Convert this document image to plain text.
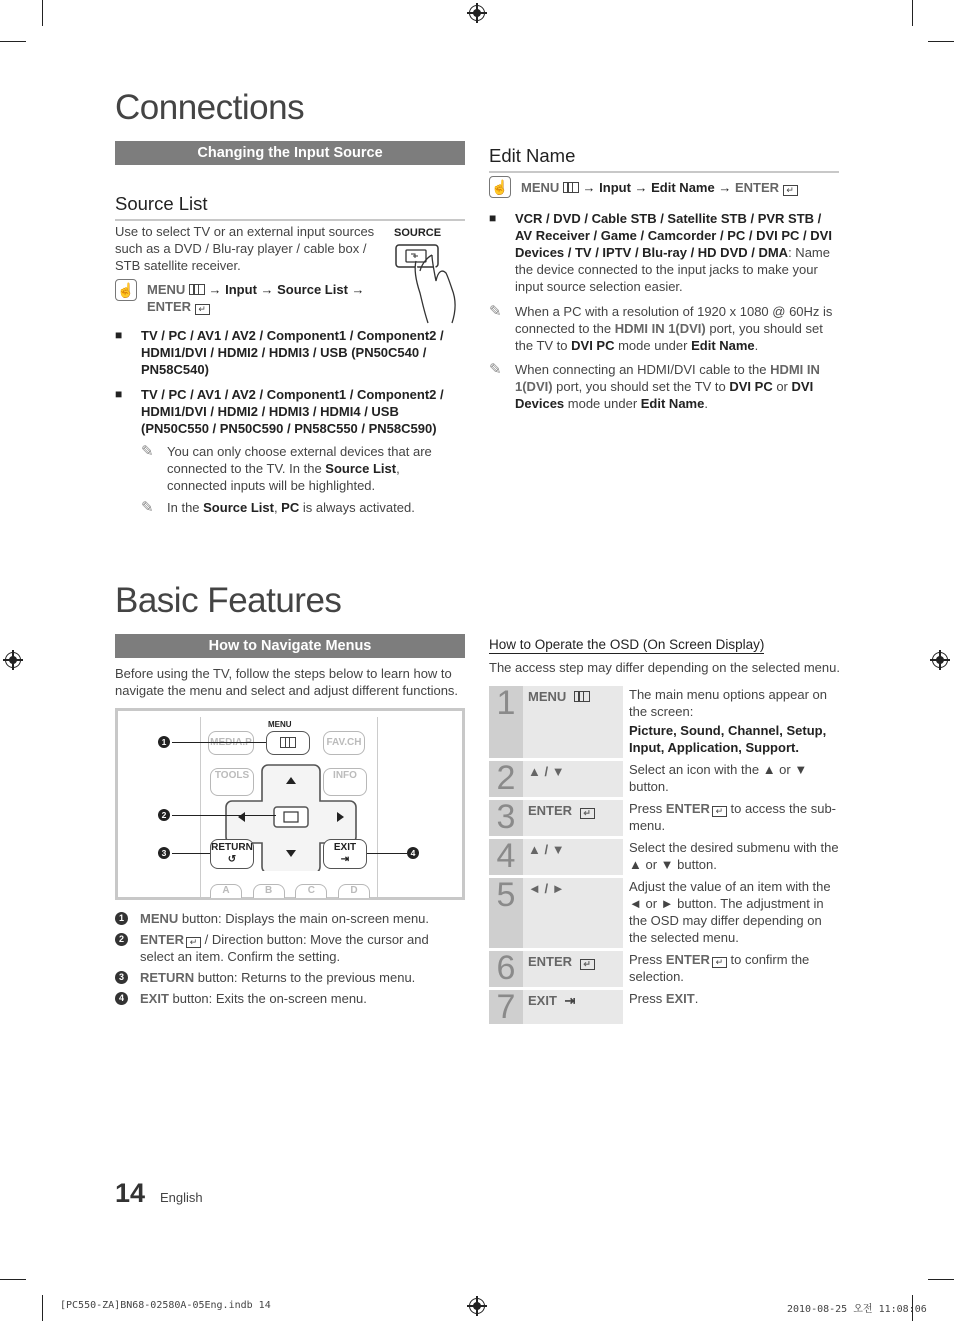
Connections
Changing the Input Source
Source List
Use to select TV or an external input sources such as a DVD / Blu-ray player / cable box / STB satellite receiver.
SOURCE
☝ MENU  → Input → Source List →
ENTER ↵
■	TV / PC / AV1 / AV2 / Component1 / Component2 / HDMI1/DVI / HDMI2 / HDMI3 / USB (PN50C540 / PN58C540)
■	TV / PC / AV1 / AV2 / Component1 / Component2 / HDMI1/DVI / HDMI2 / HDMI3 / HDMI4 / USB (PN50C550 / PN50C590 / PN58C550 / PN58C590)
✎	You can only choose external devices that are connected to the TV. In the Source List, connected inputs will be highlighted.
✎	In the Source List, PC is always activated.
Edit Name
☝ MENU  → Input → Edit Name → ENTER ↵
■	VCR / DVD / Cable STB / Satellite STB / PVR STB / AV Receiver / Game / Camcorder / PC / DVI PC / DVI Devices / TV / IPTV / Blu-ray / HD DVD / DMA: Name the device connected to the input jacks to make your input source selection easier.
✎	When a PC with a resolution of 1920 x 1080 @ 60Hz is connected to the HDMI IN 1(DVI) port, you should set the TV to DVI PC mode under Edit Name.
✎	When connecting an HDMI/DVI cable to the HDMI IN 1(DVI) port, you should set the TV to DVI PC or DVI Devices mode under Edit Name.
Basic Features
How to Navigate Menus
Before using the TV, follow the steps below to learn how to navigate the menu and select and adjust different functions.
MENU
FAV.CH
TOOLS	INFO
RETURN
↺
EXIT
⇥
A	B	C	D
1
2
3	4
1	MENU button: Displays the main on-screen menu.
2	ENTER ↵ / Direction button: Move the cursor and select an item. Confirm the setting.
3	RETURN button: Returns to the previous menu.
4	EXIT button: Exits the on-screen menu.
How to Operate the OSD (On Screen Display)
The access step may differ depending on the selected menu.
1	MENU	The main menu options appear on the screen:
Picture, Sound, Channel, Setup, Input, Application, Support.
2	▲ / ▼	Select an icon with the ▲ or ▼ button.
3	ENTER ↵	Press ENTER ↵ to access the sub-menu.
4	▲ / ▼	Select the desired submenu with the ▲ or ▼ button.
5	◄ / ►	Adjust the value of an item with the ◄ or ► button. The adjustment in the OSD may differ depending on the selected menu.
6	ENTER ↵	Press ENTER ↵ to confirm the selection.
7	EXIT ⇥	Press EXIT.
14 English
[PC550-ZA]BN68-02580A-05Eng.indb 14	2010-08-25 오전 11:08:06
